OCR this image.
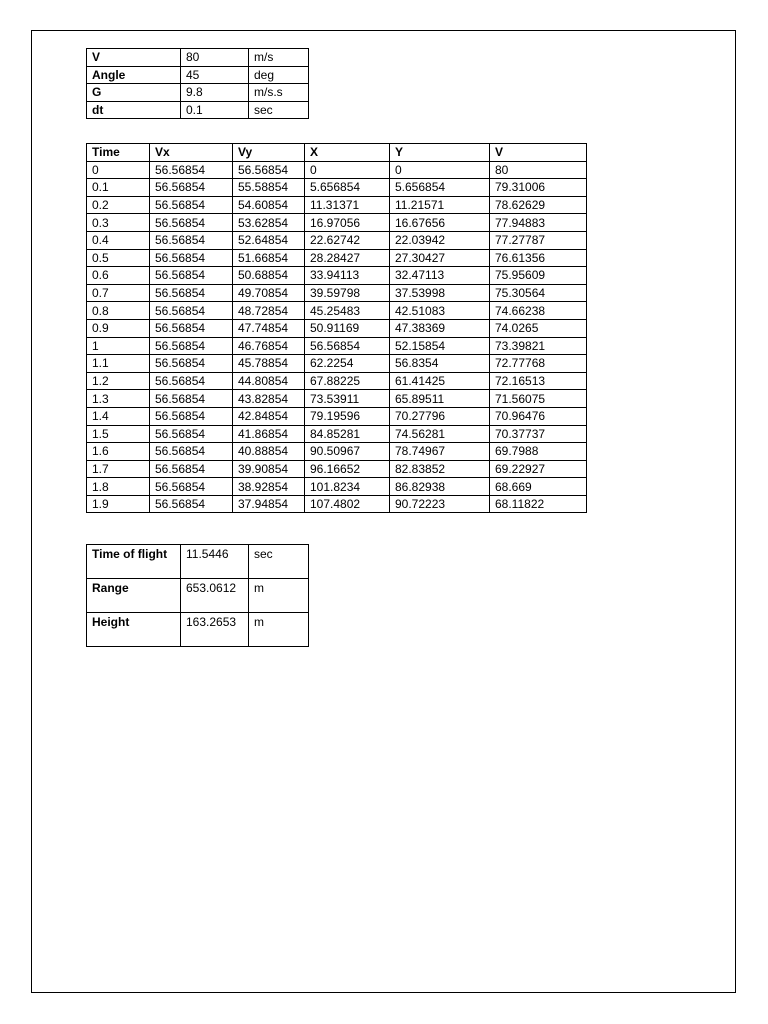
V	80	m/s
Angle	45	deg
G	9.8	m/s.s
dt	0.1	sec
Time	Vx	Vy	X	Y	V
0	56.56854	56.56854	0	0	80
0.1	56.56854	55.58854	5.656854	5.656854	79.31006
0.2	56.56854	54.60854	11.31371	11.21571	78.62629
0.3	56.56854	53.62854	16.97056	16.67656	77.94883
0.4	56.56854	52.64854	22.62742	22.03942	77.27787
0.5	56.56854	51.66854	28.28427	27.30427	76.61356
0.6	56.56854	50.68854	33.94113	32.47113	75.95609
0.7	56.56854	49.70854	39.59798	37.53998	75.30564
0.8	56.56854	48.72854	45.25483	42.51083	74.66238
0.9	56.56854	47.74854	50.91169	47.38369	74.0265
1	56.56854	46.76854	56.56854	52.15854	73.39821
1.1	56.56854	45.78854	62.2254	56.8354	72.77768
1.2	56.56854	44.80854	67.88225	61.41425	72.16513
1.3	56.56854	43.82854	73.53911	65.89511	71.56075
1.4	56.56854	42.84854	79.19596	70.27796	70.96476
1.5	56.56854	41.86854	84.85281	74.56281	70.37737
1.6	56.56854	40.88854	90.50967	78.74967	69.7988
1.7	56.56854	39.90854	96.16652	82.83852	69.22927
1.8	56.56854	38.92854	101.8234	86.82938	68.669
1.9	56.56854	37.94854	107.4802	90.72223	68.11822
Time of flight	11.5446	sec
Range	653.0612	m
Height	163.2653	m
